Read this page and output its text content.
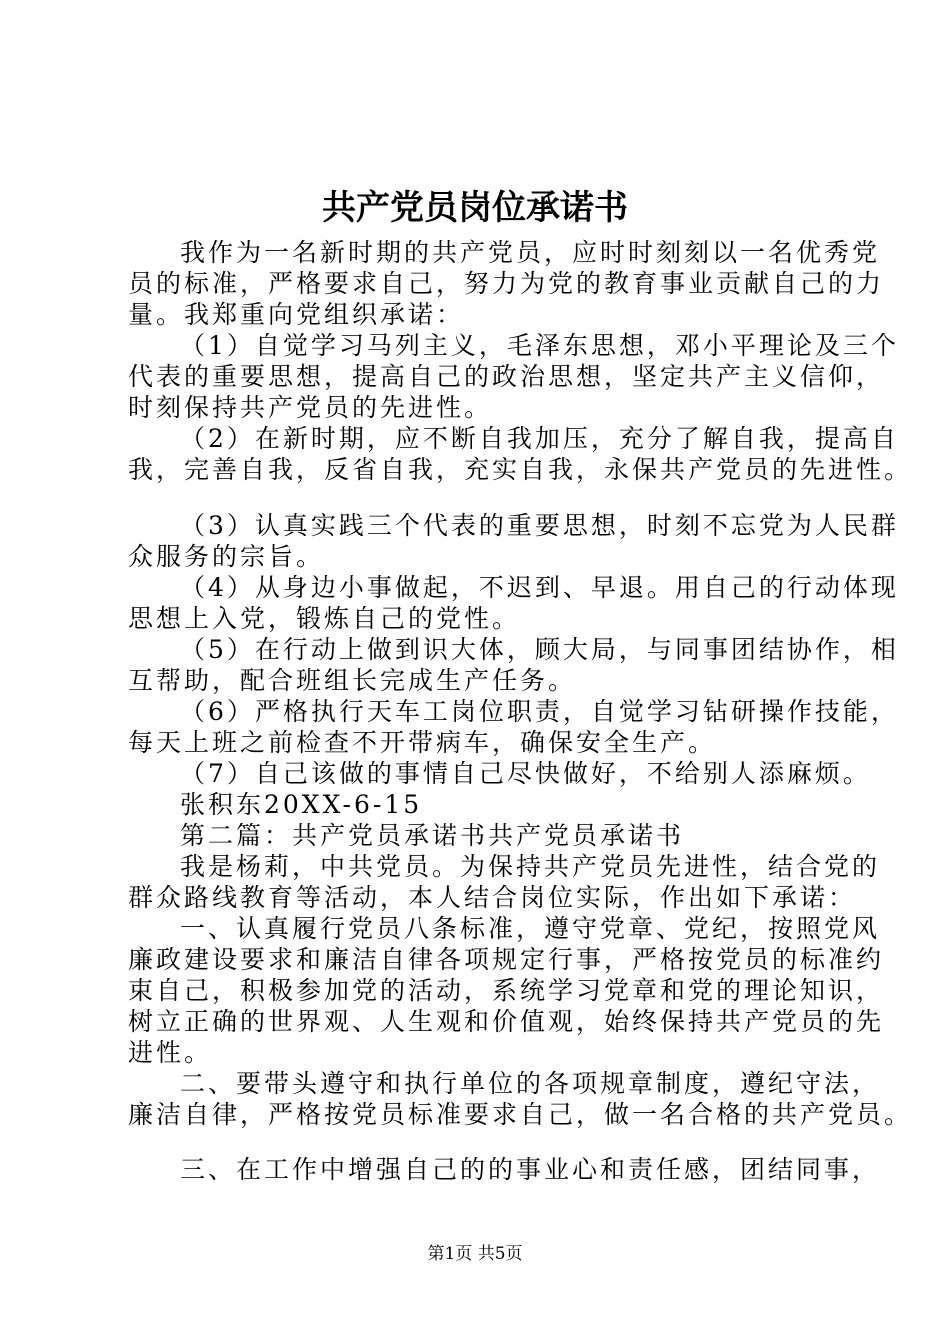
共产党员岗位承诺书
我作为一名新时期的共产党员，应时时刻刻以一名优秀党
员的标准，严格要求自己，努力为党的教育事业贡献自己的力
量。我郑重向党组织承诺：
（1）自觉学习马列主义，毛泽东思想，邓小平理论及三个
代表的重要思想，提高自己的政治思想，坚定共产主义信仰，
时刻保持共产党员的先进性。
（2）在新时期，应不断自我加压，充分了解自我，提高自
我，完善自我，反省自我，充实自我，永保共产党员的先进性。
（3）认真实践三个代表的重要思想，时刻不忘党为人民群
众服务的宗旨。
（4）从身边小事做起，不迟到、早退。用自己的行动体现
思想上入党，锻炼自己的党性。
（5）在行动上做到识大体，顾大局，与同事团结协作，相
互帮助，配合班组长完成生产任务。
（6）严格执行天车工岗位职责，自觉学习钻研操作技能，
每天上班之前检查不开带病车，确保安全生产。
（7）自己该做的事情自己尽快做好，不给别人添麻烦。
张积东20XX-6-15
第二篇：共产党员承诺书共产党员承诺书
我是杨莉，中共党员。为保持共产党员先进性，结合党的
群众路线教育等活动，本人结合岗位实际，作出如下承诺：
一、认真履行党员八条标准，遵守党章、党纪，按照党风
廉政建设要求和廉洁自律各项规定行事，严格按党员的标准约
束自己，积极参加党的活动，系统学习党章和党的理论知识，
树立正确的世界观、人生观和价值观，始终保持共产党员的先
进性。
二、要带头遵守和执行单位的各项规章制度，遵纪守法，
廉洁自律，严格按党员标准要求自己，做一名合格的共产党员。
三、在工作中增强自己的的事业心和责任感，团结同事，
第1页 共5页
